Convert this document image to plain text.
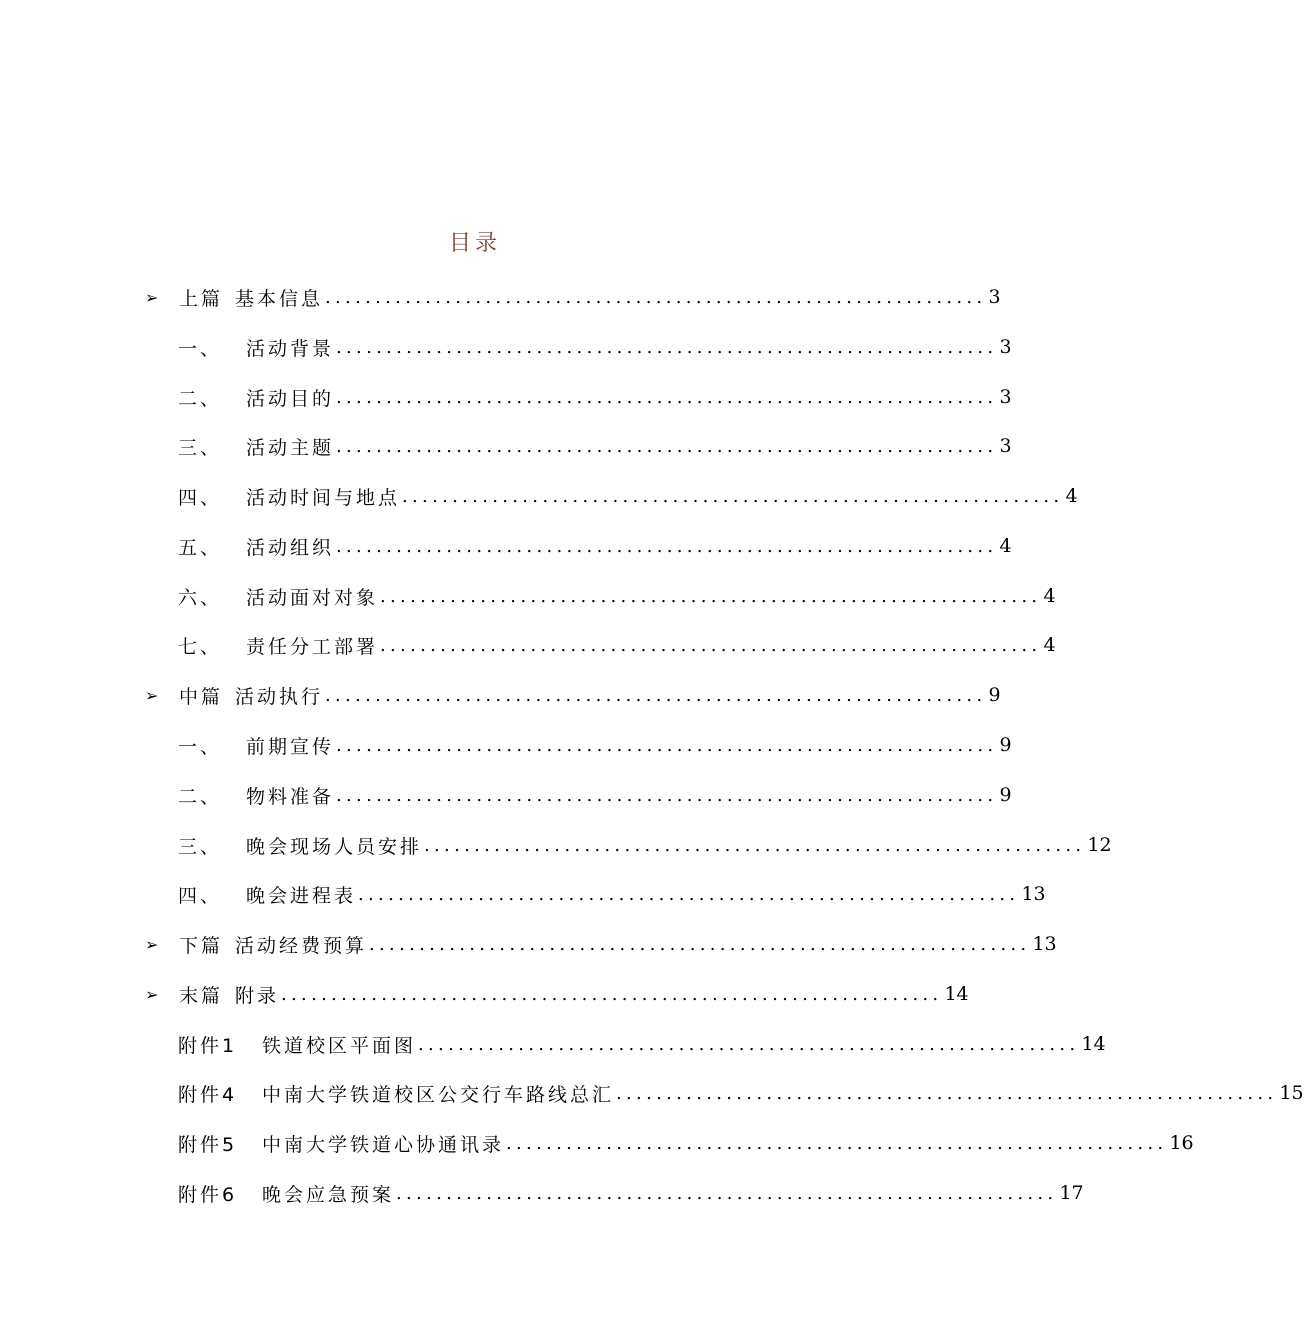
目录
➢	上篇 基本信息 .................................................................. 3
一、	活动背景 .................................................................. 3
二、	活动目的 .................................................................. 3
三、	活动主题 .................................................................. 3
四、	活动时间与地点 .................................................................. 4
五、	活动组织 .................................................................. 4
六、	活动面对对象 .................................................................. 4
七、	责任分工部署 .................................................................. 4
➢	中篇 活动执行 .................................................................. 9
一、	前期宣传 .................................................................. 9
二、	物料准备 .................................................................. 9
三、	晚会现场人员安排 .................................................................. 12
四、	晚会进程表 .................................................................. 13
➢	下篇 活动经费预算 .................................................................. 13
➢	末篇 附录 .................................................................. 14
附件1	铁道校区平面图 .................................................................. 14
附件4	中南大学铁道校区公交行车路线总汇 .................................................................. 15
附件5	中南大学铁道心协通讯录 .................................................................. 16
附件6	晚会应急预案 .................................................................. 17
